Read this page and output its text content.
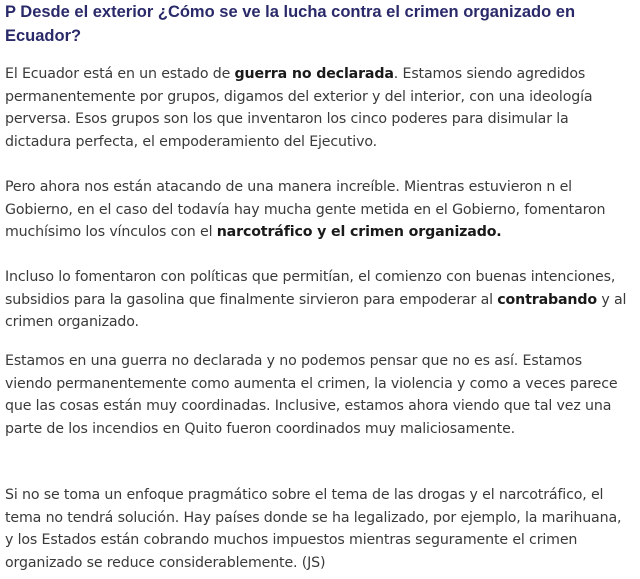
P Desde el exterior ¿Cómo se ve la lucha contra el crimen organizado en Ecuador?

El Ecuador está en un estado de guerra no declarada. Estamos siendo agredidos permanentemente por grupos, digamos del exterior y del interior, con una ideología perversa. Esos grupos son los que inventaron los cinco poderes para disimular la dictadura perfecta, el empoderamiento del Ejecutivo.

Pero ahora nos están atacando de una manera increíble. Mientras estuvieron n el Gobierno, en el caso del todavía hay mucha gente metida en el Gobierno, fomentaron muchísimo los vínculos con el narcotráfico y el crimen organizado.

Incluso lo fomentaron con políticas que permitían, el comienzo con buenas intenciones, subsidios para la gasolina que finalmente sirvieron para empoderar al contrabando y al crimen organizado.

Estamos en una guerra no declarada y no podemos pensar que no es así. Estamos viendo permanentemente como aumenta el crimen, la violencia y como a veces parece que las cosas están muy coordinadas. Inclusive, estamos ahora viendo que tal vez una parte de los incendios en Quito fueron coordinados muy maliciosamente.

Si no se toma un enfoque pragmático sobre el tema de las drogas y el narcotráfico, el tema no tendrá solución. Hay países donde se ha legalizado, por ejemplo, la marihuana, y los Estados están cobrando muchos impuestos mientras seguramente el crimen organizado se reduce considerablemente. (JS)
